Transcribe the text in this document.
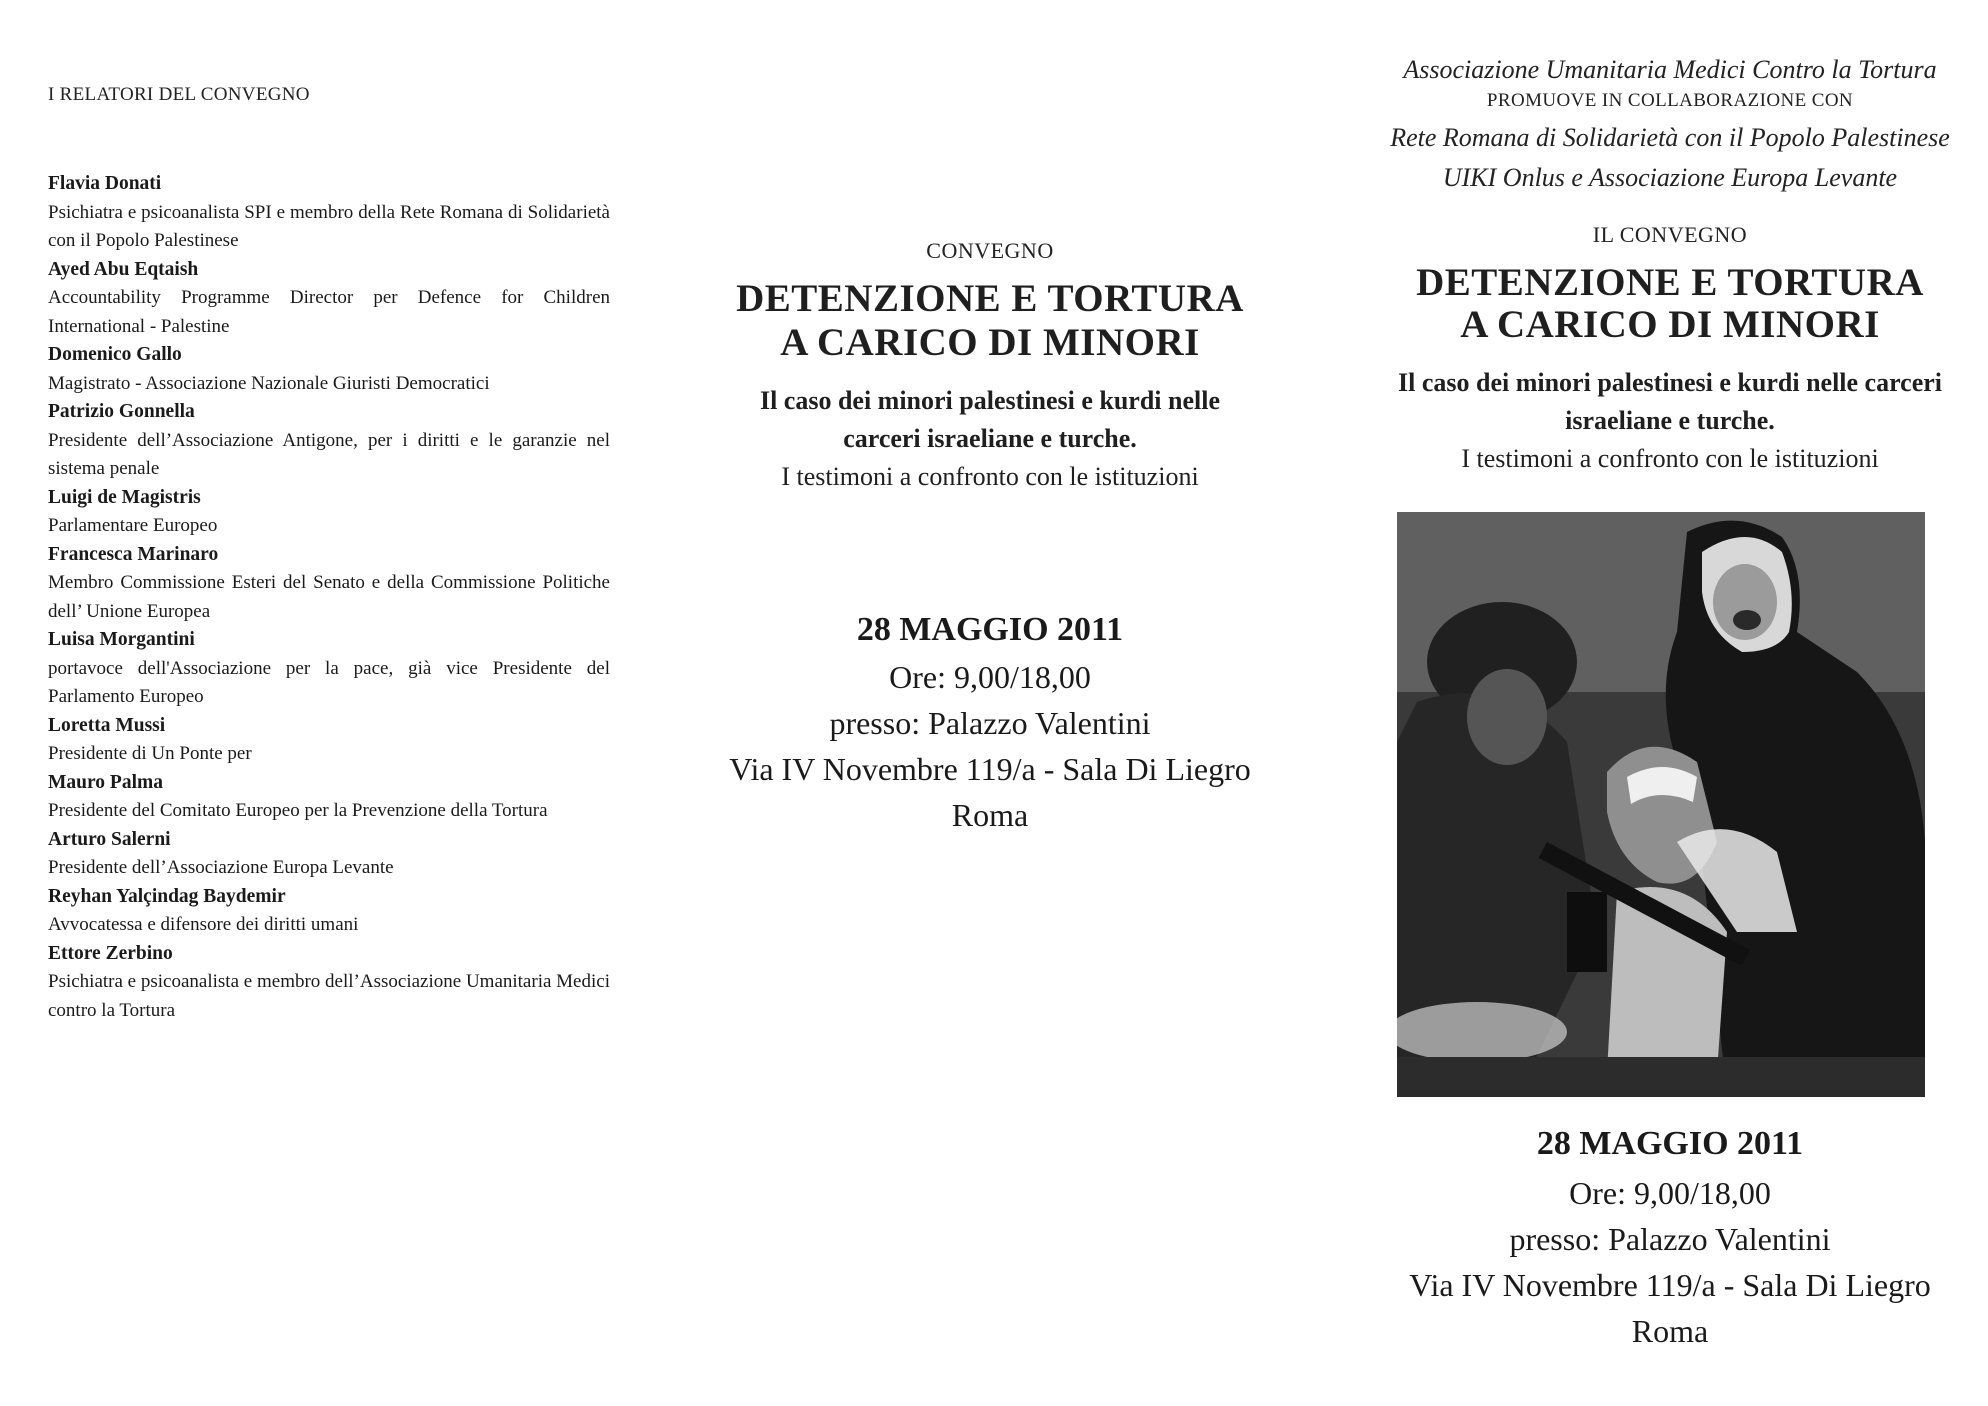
I RELATORI DEL CONVEGNO
Flavia Donati
Psichiatra e psicoanalista SPI e membro della Rete Romana di Solidarietà con il Popolo Palestinese
Ayed Abu Eqtaish
Accountability Programme Director per Defence for Children International - Palestine
Domenico Gallo
Magistrato - Associazione Nazionale Giuristi Democratici
Patrizio Gonnella
Presidente dell’Associazione Antigone, per i diritti e le garanzie nel sistema penale
Luigi de Magistris
Parlamentare Europeo
Francesca Marinaro
Membro Commissione Esteri del Senato e della Commissione Politiche dell’ Unione Europea
Luisa Morgantini
portavoce dell'Associazione per la pace, già vice Presidente del Parlamento Europeo
Loretta Mussi
Presidente di Un Ponte per
Mauro Palma
Presidente del Comitato Europeo per la Prevenzione della Tortura
Arturo Salerni
Presidente dell’Associazione Europa Levante
Reyhan Yalçindag Baydemir
Avvocatessa e difensore dei diritti umani
Ettore Zerbino
Psichiatra e psicoanalista e membro dell’Associazione Umanitaria Medici contro la Tortura
CONVEGNO
DETENZIONE E TORTURA
A CARICO DI MINORI
Il caso dei minori palestinesi e kurdi nelle
carceri israeliane e turche.
I testimoni a confronto con le istituzioni
28 MAGGIO 2011
Ore: 9,00/18,00
presso: Palazzo Valentini
Via IV Novembre 119/a - Sala Di Liegro
Roma
Associazione Umanitaria Medici Contro la Tortura
PROMUOVE IN COLLABORAZIONE CON
Rete Romana di Solidarietà con il Popolo Palestinese
UIKI Onlus e Associazione Europa Levante
IL CONVEGNO
DETENZIONE E TORTURA
A CARICO DI MINORI
Il caso dei minori palestinesi e kurdi nelle carceri
israeliane e turche.
I testimoni a confronto con le istituzioni
28 MAGGIO 2011
Ore: 9,00/18,00
presso: Palazzo Valentini
Via IV Novembre 119/a - Sala Di Liegro
Roma
